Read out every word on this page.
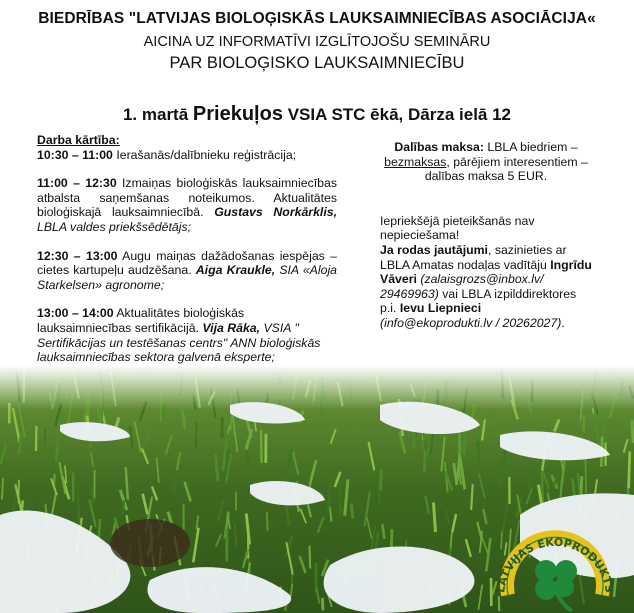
BIEDRĪBAS "LATVIJAS BIOLOĢISKĀS LAUKSAIMNIECĪBAS ASOCIĀCIJA«
AICINA UZ INFORMATĪVI IZGLĪTOJOŠU SEMINĀRU
PAR BIOLOĢISKO LAUKSAIMNIECĪBU
1. martā Priekuļos VSIA STC ēkā, Dārza ielā 12
Darba kārtība:
10:30 – 11:00 Ierašanās/dalībnieku reģistrācija;
11:00 – 12:30 Izmaiņas bioloģiskās lauksaimniecības atbalsta saņemšanas noteikumos. Aktualitātes bioloģiskajā lauksaimniecībā. Gustavs Norkārklis, LBLA valdes priekšsēdētājs;
12:30 – 13:00 Augu maiņas dažādošanas iespējas – cietes kartupeļu audzēšana. Aiga Kraukle, SIA «Aloja Starkelsen» agronome;
13:00 – 14:00 Aktualitātes bioloģiskās lauksaimniecības sertifikācijā. Vija Rāka, VSIA " Sertifikācijas un testēšanas centrs" ANN bioloģiskās lauksaimniecības sektora galvenā eksperte;
Dalības maksa: LBLA biedriem – bezmaksas, pārējiem interesentiem – dalības maksa 5 EUR.
Iepriekšējā pieteikšanās nav nepieciešama!
Ja rodas jautājumi, sazinieties ar LBLA Amatas nodaļas vadītāju Ingrīdu Vāveri (zalaisgrozs@inbox.lv/ 29469963) vai LBLA izpilddirektores p.i. Ievu Liepnieci (info@ekoprodukti.lv / 20262027).
LATVIJAS EKOPRODUKTS
